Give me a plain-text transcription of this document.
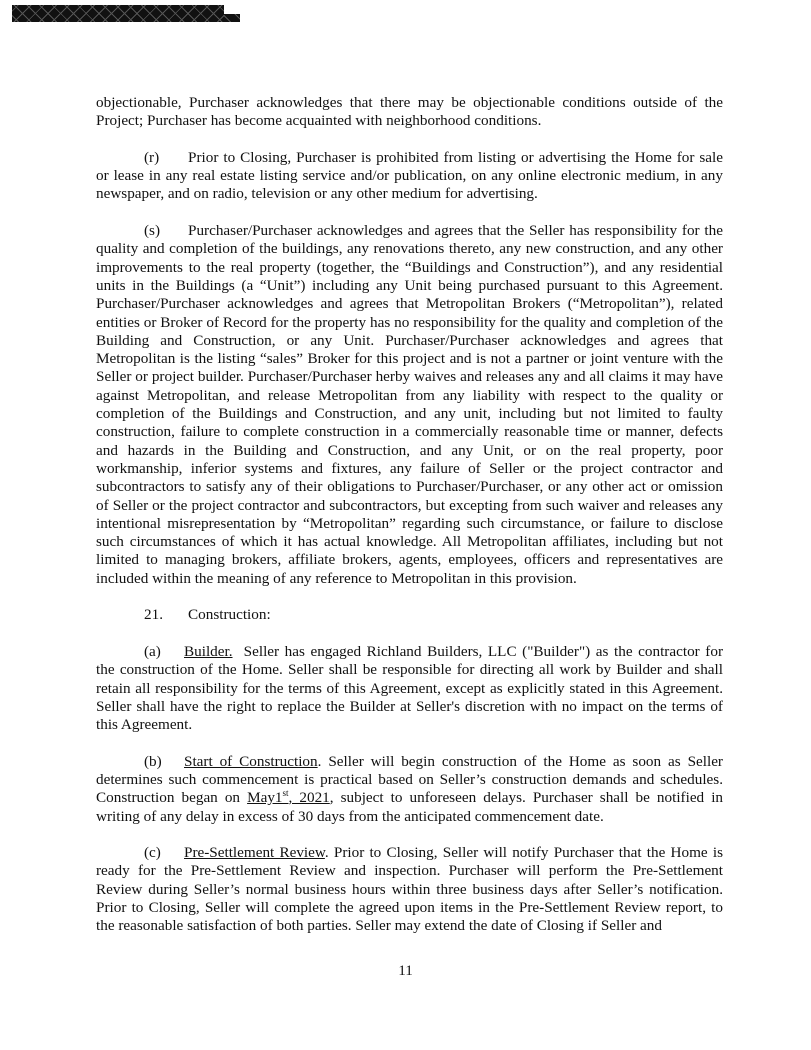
objectionable, Purchaser acknowledges that there may be objectionable conditions outside of the Project; Purchaser has become acquainted with neighborhood conditions.

(r) Prior to Closing, Purchaser is prohibited from listing or advertising the Home for sale or lease in any real estate listing service and/or publication, on any online electronic medium, in any newspaper, and on radio, television or any other medium for advertising.

(s) Purchaser/Purchaser acknowledges and agrees that the Seller has responsibility for the quality and completion of the buildings, any renovations thereto, any new construction, and any other improvements to the real property (together, the “Buildings and Construction”), and any residential units in the Buildings (a “Unit”) including any Unit being purchased pursuant to this Agreement. Purchaser/Purchaser acknowledges and agrees that Metropolitan Brokers (“Metropolitan”), related entities or Broker of Record for the property has no responsibility for the quality and completion of the Building and Construction, or any Unit. Purchaser/Purchaser acknowledges and agrees that Metropolitan is the listing “sales” Broker for this project and is not a partner or joint venture with the Seller or project builder. Purchaser/Purchaser herby waives and releases any and all claims it may have against Metropolitan, and release Metropolitan from any liability with respect to the quality or completion of the Buildings and Construction, and any unit, including but not limited to faulty construction, failure to complete construction in a commercially reasonable time or manner, defects and hazards in the Building and Construction, and any Unit, or on the real property, poor workmanship, inferior systems and fixtures, any failure of Seller or the project contractor and subcontractors to satisfy any of their obligations to Purchaser/Purchaser, or any other act or omission of Seller or the project contractor and subcontractors, but excepting from such waiver and releases any intentional misrepresentation by “Metropolitan” regarding such circumstance, or failure to disclose such circumstances of which it has actual knowledge. All Metropolitan affiliates, including but not limited to managing brokers, affiliate brokers, agents, employees, officers and representatives are included within the meaning of any reference to Metropolitan in this provision.

21. Construction:

(a) Builder. Seller has engaged Richland Builders, LLC ("Builder") as the contractor for the construction of the Home. Seller shall be responsible for directing all work by Builder and shall retain all responsibility for the terms of this Agreement, except as explicitly stated in this Agreement. Seller shall have the right to replace the Builder at Seller's discretion with no impact on the terms of this Agreement.

(b) Start of Construction. Seller will begin construction of the Home as soon as Seller determines such commencement is practical based on Seller’s construction demands and schedules. Construction began on May1st, 2021, subject to unforeseen delays. Purchaser shall be notified in writing of any delay in excess of 30 days from the anticipated commencement date.

(c) Pre-Settlement Review. Prior to Closing, Seller will notify Purchaser that the Home is ready for the Pre-Settlement Review and inspection. Purchaser will perform the Pre-Settlement Review during Seller’s normal business hours within three business days after Seller’s notification. Prior to Closing, Seller will complete the agreed upon items in the Pre-Settlement Review report, to the reasonable satisfaction of both parties. Seller may extend the date of Closing if Seller and

11
